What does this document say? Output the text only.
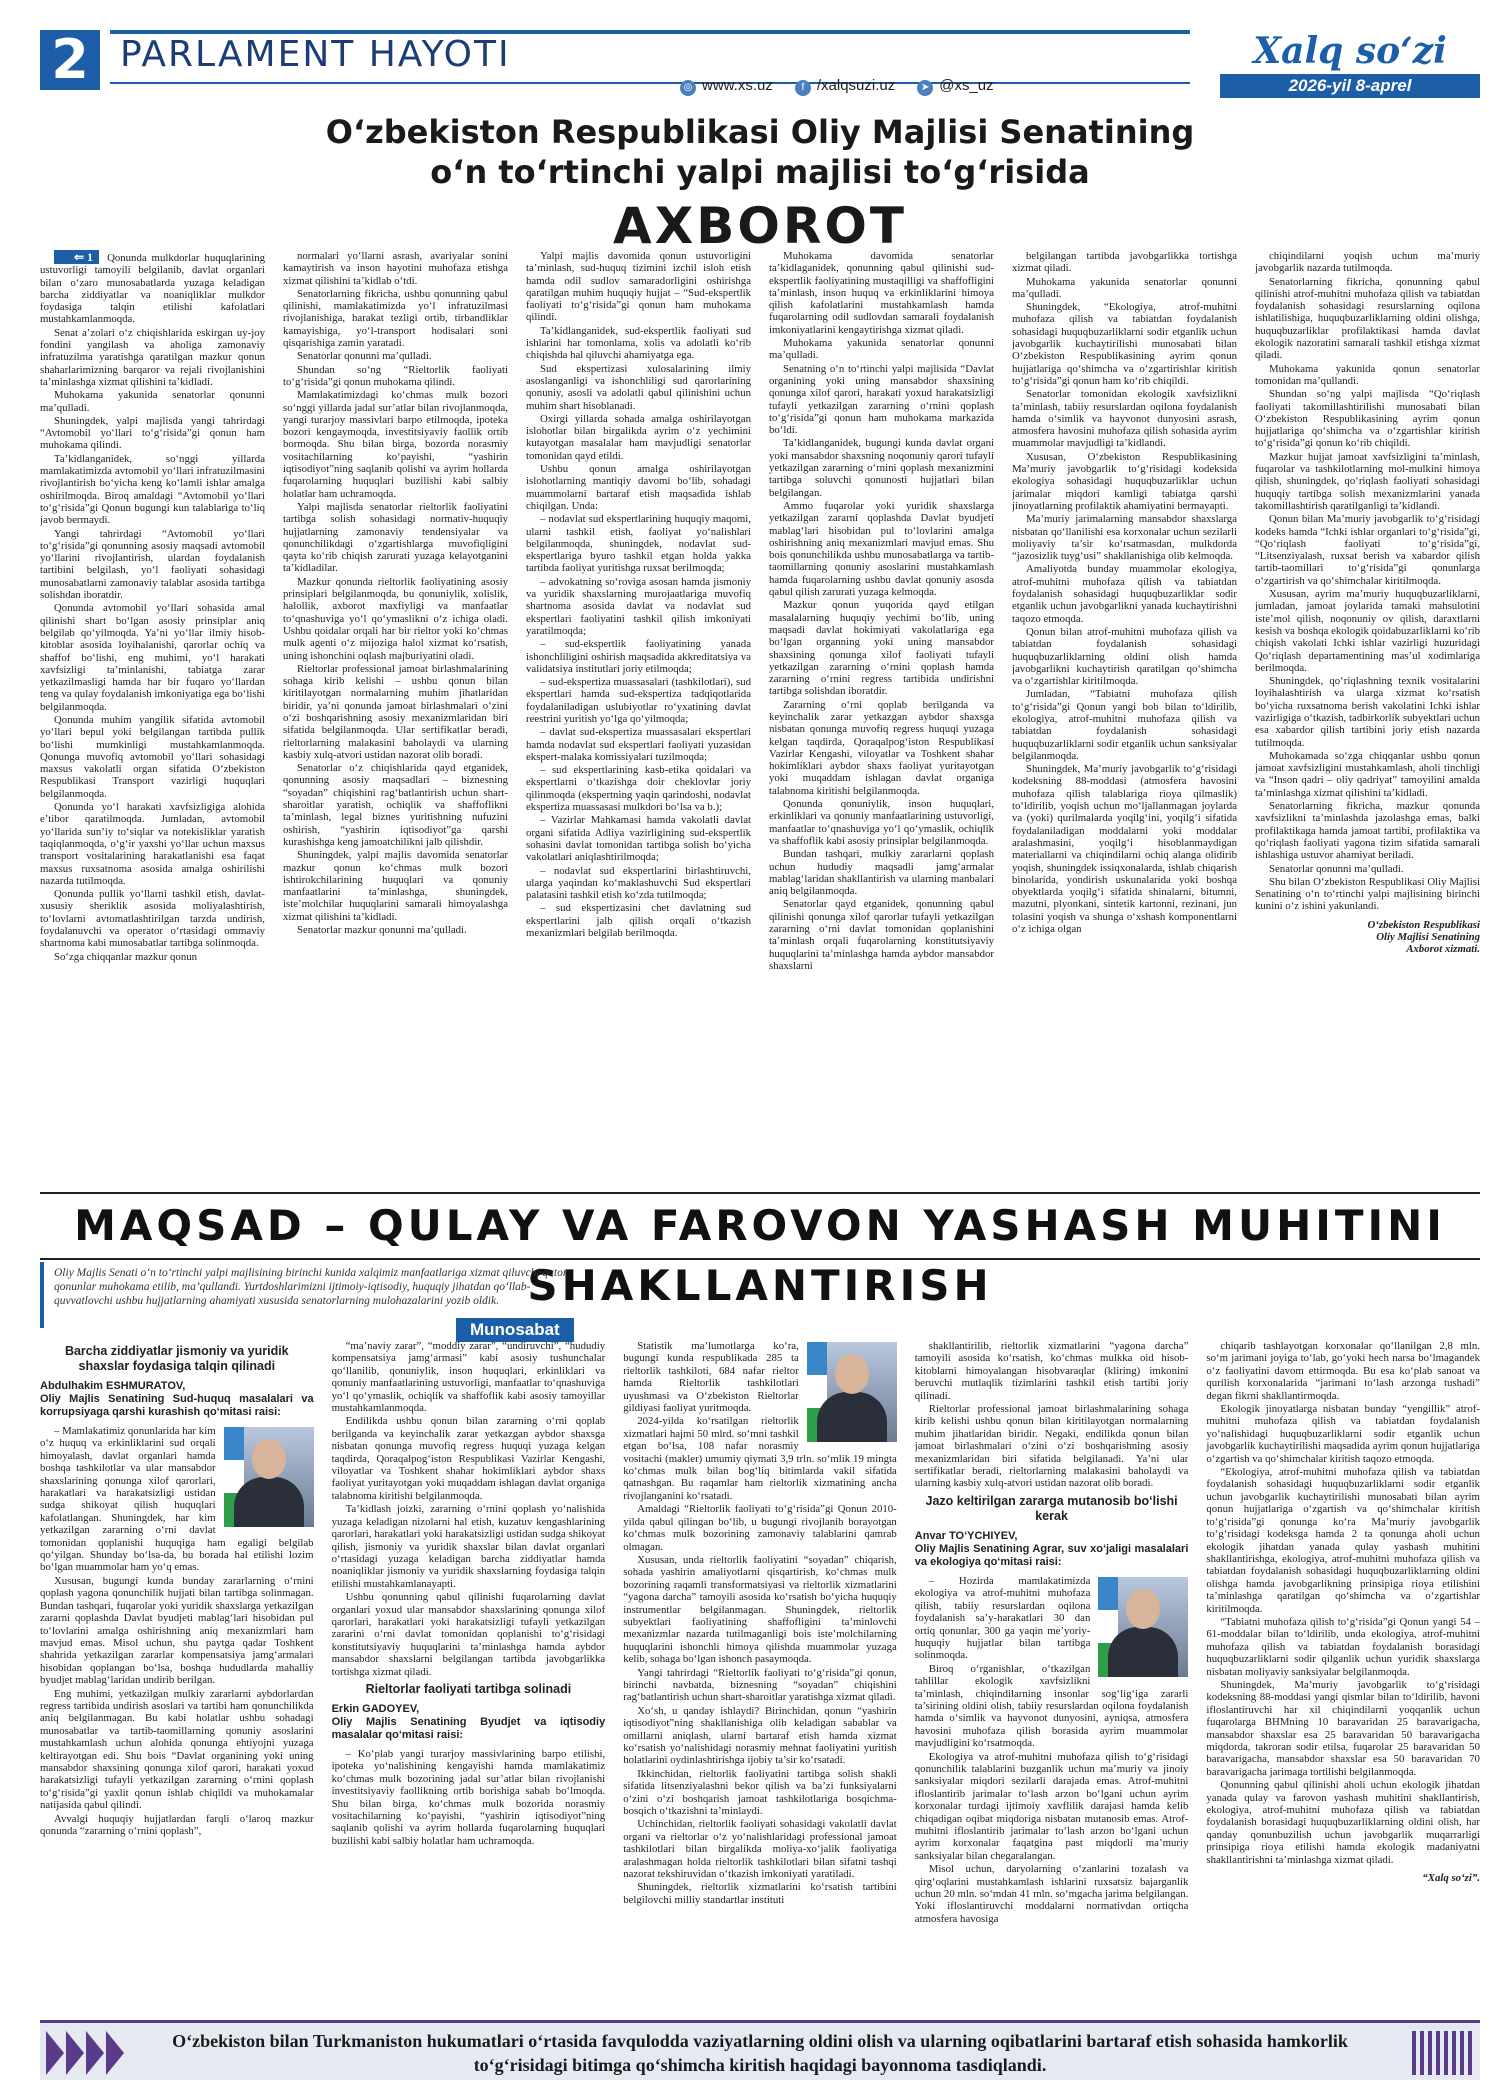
2 PARLAMENT HAYOTI
◎ www.xs.uz	f /xalqsuzi.uz	➤ @xs_uz
Xalq so‘zi
2026-yil 8-aprel
O‘zbekiston Respublikasi Oliy Majlisi Senatining
o‘n to‘rtinchi yalpi majlisi to‘g‘risida
AXBOROT

⇐ 1 Qonunda mulkdorlar huquqlarining ustuvorligi tamoyili belgilanib, davlat organlari bilan o‘zaro munosabatlarda yuzaga keladigan barcha ziddiyatlar va noaniqliklar mulkdor foydasiga talqin etilishi kafolatlari mustahkamlanmoqda.

Senat a’zolari o‘z chiqishlarida eskirgan uy-joy fondini yangilash va aholiga zamonaviy infratuzilma yaratishga qaratilgan mazkur qonun shaharlarimizning barqaror va rejali rivojlanishini ta’minlashga xizmat qilishini ta’kidladi.

Muhokama yakunida senatorlar qonunni ma’qulladi.

Shuningdek, yalpi majlisda yangi tahrirdagi “Avtomobil yo‘llari to‘g‘risida”gi qonun ham muhokama qilindi.

Ta’kidlanganidek, so‘nggi yillarda mamlakatimizda avtomobil yo‘llari infratuzilmasini rivojlantirish bo‘yicha keng ko‘lamli ishlar amalga oshirilmoqda. Biroq amaldagi “Avtomobil yo‘llari to‘g‘risida”gi Qonun bugungi kun talablariga to‘liq javob bermaydi.

Yangi tahrirdagi “Avtomobil yo‘llari to‘g‘risida”gi qonunning asosiy maqsadi avtomobil yo‘llarini rivojlantirish, ulardan foydalanish tartibini belgilash, yo‘l faoliyati sohasidagi munosabatlarni zamonaviy talablar asosida tartibga solishdan iboratdir.

Qonunda avtomobil yo‘llari sohasida amal qilinishi shart bo‘lgan asosiy prinsiplar aniq belgilab qo‘yilmoqda. Ya’ni yo‘llar ilmiy hisob-kitoblar asosida loyihalanishi, qarorlar ochiq va shaffof bo‘lishi, eng muhimi, yo‘l harakati xavfsizligi ta’minlanishi, tabiatga zarar yetkazilmasligi hamda har bir fuqaro yo‘llardan teng va qulay foydalanish imkoniyatiga ega bo‘lishi belgilanmoqda.

Qonunda muhim yangilik sifatida avtomobil yo‘llari bepul yoki belgilangan tartibda pullik bo‘lishi mumkinligi mustahkamlanmoqda. Qonunga muvofiq avtomobil yo‘llari sohasidagi maxsus vakolatli organ sifatida O‘zbekiston Respublikasi Transport vazirligi huquqlari belgilanmoqda.

Qonunda yo‘l harakati xavfsizligiga alohida e’tibor qaratilmoqda. Jumladan, avtomobil yo‘llarida sun’iy to‘siqlar va notekisliklar yaratish taqiqlanmoqda, o‘g‘ir yaxshi yo‘llar uchun maxsus transport vositalarining harakatlanishi esa faqat maxsus ruxsatnoma asosida amalga oshirilishi nazarda tutilmoqda.

Qonunda pullik yo‘llarni tashkil etish, davlat-xususiy sheriklik asosida moliyalashtirish, to‘lovlarni avtomatlashtirilgan tarzda undirish, foydalanuvchi va operator o‘rtasidagi ommaviy shartnoma kabi munosabatlar tartibga solinmoqda.

So‘zga chiqqanlar mazkur qonun

normalari yo‘llarni asrash, avariyalar sonini kamaytirish va inson hayotini muhofaza etishga xizmat qilishini ta’kidlab o‘tdi.

Senatorlarning fikricha, ushbu qonunning qabul qilinishi, mamlakatimizda yo‘l infratuzilmasi rivojlanishiga, harakat tezligi ortib, tirbandliklar kamayishiga, yo‘l-transport hodisalari soni qisqarishiga zamin yaratadi.

Senatorlar qonunni ma’qulladi.

Shundan so‘ng “Rieltorlik faoliyati to‘g‘risida”gi qonun muhokama qilindi.

Mamlakatimizdagi ko‘chmas mulk bozori so‘nggi yillarda jadal sur’atlar bilan rivojlanmoqda, yangi turarjoy massivlari barpo etilmoqda, ipoteka bozori kengaymoqda, investitsiyaviy faollik ortib bormoqda. Shu bilan birga, bozorda norasmiy vositachilarning ko‘payishi, “yashirin iqtisodiyot”ning saqlanib qolishi va ayrim hollarda fuqarolarning huquqlari buzilishi kabi salbiy holatlar ham uchramoqda.

Yalpi majlisda senatorlar rieltorlik faoliyatini tartibga solish sohasidagi normativ-huquqiy hujjatlarning zamonaviy tendensiyalar va qonunchilikdagi o‘zgartishlarga muvofiqligini qayta ko‘rib chiqish zarurati yuzaga kelayotganini ta’kidladilar.

Mazkur qonunda rieltorlik faoliyatining asosiy prinsiplari belgilanmoqda, bu qonuniylik, xolislik, halollik, axborot maxfiyligi va manfaatlar to‘qnashuviga yo‘l qo‘ymaslikni o‘z ichiga oladi. Ushbu qoidalar orqali har bir rieltor yoki ko‘chmas mulk agenti o‘z mijoziga halol xizmat ko‘rsatish, uning ishonchini oqlash majburiyatini oladi.

Rieltorlar professional jamoat birlashmalarining sohaga kirib kelishi – ushbu qonun bilan kiritilayotgan normalarning muhim jihatlaridan biridir, ya’ni qonunda jamoat birlashmalari o‘zini o‘zi boshqarishning asosiy mexanizmlaridan biri sifatida belgilanmoqda. Ular sertifikatlar beradi, rieltorlarning malakasini baholaydi va ularning kasbiy xulq-atvori ustidan nazorat olib boradi.

Senatorlar o‘z chiqishlarida qayd etganidek, qonunning asosiy maqsadlari – biznesning “soyadan” chiqishini rag‘batlantirish uchun shart-sharoitlar yaratish, ochiqlik va shaffoflikni ta’minlash, legal biznes yuritishning nufuzini oshirish, “yashirin iqtisodiyot”ga qarshi kurashishga keng jamoatchilikni jalb qilishdir.

Shuningdek, yalpi majlis davomida senatorlar mazkur qonun ko‘chmas mulk bozori ishtirokchilarining huquqlari va qonuniy manfaatlarini ta’minlashga, shuningdek, iste’molchilar huquqlarini samarali himoyalashga xizmat qilishini ta’kidladi.

Senatorlar mazkur qonunni ma’qulladi.

Yalpi majlis davomida qonun ustuvorligini ta’minlash, sud-huquq tizimini izchil isloh etish hamda odil sudlov samaradorligini oshirishga qaratilgan muhim huquqiy hujjat – “Sud-ekspertlik faoliyati to‘g‘risida”gi qonun ham muhokama qilindi.

Ta’kidlanganidek, sud-ekspertlik faoliyati sud ishlarini har tomonlama, xolis va adolatli ko‘rib chiqishda hal qiluvchi ahamiyatga ega.

Sud ekspertizasi xulosalarining ilmiy asoslanganligi va ishonchliligi sud qarorlarining qonuniy, asosli va adolatli qabul qilinishini uchun muhim shart hisoblanadi.

Oxirgi yillarda sohada amalga oshirilayotgan islohotlar bilan birgalikda ayrim o‘z yechimini kutayotgan masalalar ham mavjudligi senatorlar tomonidan qayd etildi.

Ushbu qonun amalga oshirilayotgan islohotlarning mantiqiy davomi bo‘lib, sohadagi muammolarni bartaraf etish maqsadida ishlab chiqilgan. Unda:

– nodavlat sud ekspertlarining huquqiy maqomi, ularni tashkil etish, faoliyat yo‘nalishlari belgilanmoqda, shuningdek, nodavlat sud-ekspertlariga byuro tashkil etgan holda yakka tartibda faoliyat yuritishga ruxsat berilmoqda;

– advokatning so‘roviga asosan hamda jismoniy va yuridik shaxslarning murojaatlariga muvofiq shartnoma asosida davlat va nodavlat sud ekspertlari faoliyatini tashkil qilish imkoniyati yaratilmoqda;

– sud-ekspertlik faoliyatining yanada ishonchliligini oshirish maqsadida akkreditatsiya va validatsiya institutlari joriy etilmoqda;

– sud-ekspertiza muassasalari (tashkilotlari), sud ekspertlari hamda sud-ekspertiza tadqiqotlarida foydalaniladigan uslubiyotlar ro‘yxatining davlat reestrini yuritish yo‘lga qo‘yilmoqda;

– davlat sud-ekspertiza muassasalari ekspertlari hamda nodavlat sud ekspertlari faoliyati yuzasidan ekspert-malaka komissiyalari tuzilmoqda;

– sud ekspertlarining kasb-etika qoidalari va ekspertlarni o‘tkazishga doir cheklovlar joriy qilinmoqda (ekspertning yaqin qarindoshi, nodavlat ekspertiza muassasasi mulkdori bo‘lsa va b.);

– Vazirlar Mahkamasi hamda vakolatli davlat organi sifatida Adliya vazirligining sud-ekspertlik sohasini davlat tomonidan tartibga solish bo‘yicha vakolatlari aniqlashtirilmoqda;

– nodavlat sud ekspertlarini birlashtiruvchi, ularga yaqindan ko‘maklashuvchi Sud ekspertlari palatasini tashkil etish ko‘zda tutilmoqda;

– sud ekspertizasini chet davlatning sud ekspertlarini jalb qilish orqali o‘tkazish mexanizmlari belgilab berilmoqda.

Muhokama davomida senatorlar ta’kidlaganidek, qonunning qabul qilinishi sud-ekspertlik faoliyatining mustaqilligi va shaffofligini ta’minlash, inson huquq va erkinliklarini himoya qilish kafolatlarini mustahkamlash hamda fuqarolarning odil sudlovdan samarali foydalanish imkoniyatlarini kengaytirishga xizmat qiladi.

Muhokama yakunida senatorlar qonunni ma’qulladi.

Senatning o‘n to‘rtinchi yalpi majlisida “Davlat organining yoki uning mansabdor shaxsining qonunga xilof qarori, harakati yoxud harakatsizligi tufayli yetkazilgan zararning o‘rnini qoplash to‘g‘risida”gi qonun ham muhokama markazida bo‘ldi.

Ta’kidlanganidek, bugungi kunda davlat organi yoki mansabdor shaxsning noqonuniy qarori tufayli yetkazilgan zararning o‘rnini qoplash mexanizmini tartibga soluvchi qonunosti hujjatlari bilan belgilangan.

Ammo fuqarolar yoki yuridik shaxslarga yetkazilgan zararni qoplashda Davlat byudjeti mablag‘lari hisobidan pul to‘lovlarini amalga oshirishning aniq mexanizmlari mavjud emas. Shu bois qonunchilikda ushbu munosabatlarga va tartib-taomillarning qonuniy asoslarini mustahkamlash hamda fuqarolarning ushbu davlat qonuniy asosda qabul qilish zarurati yuzaga kelmoqda.

Mazkur qonun yuqorida qayd etilgan masalalarning huquqiy yechimi bo‘lib, uning maqsadi davlat hokimiyati vakolatlariga ega bo‘lgan organning yoki uning mansabdor shaxsining qonunga xilof faoliyati tufayli yetkazilgan zararning o‘rnini qoplash hamda zararning o‘rnini regress tartibida undirishni tartibga solishdan iboratdir.

Zararning o‘rni qoplab berilganda va keyinchalik zarar yetkazgan aybdor shaxsga nisbatan qonunga muvofiq regress huquqi yuzaga kelgan taqdirda, Qoraqalpog‘iston Respublikasi Vazirlar Kengashi, viloyatlar va Toshkent shahar hokimliklari aybdor shaxs faoliyat yuritayotgan yoki muqaddam ishlagan davlat organiga talabnoma kiritishi belgilanmoqda.

Qonunda qonuniylik, inson huquqlari, erkinliklari va qonuniy manfaatlarining ustuvorligi, manfaatlar to‘qnashuviga yo‘l qo‘ymaslik, ochiqlik va shaffoflik kabi asosiy prinsiplar belgilanmoqda.

Bundan tashqari, mulkiy zararlarni qoplash uchun hududiy maqsadli jamg‘armalar mablag‘laridan shakllantirish va ularning manbalari aniq belgilanmoqda.

Senatorlar qayd etganidek, qonunning qabul qilinishi qonunga xilof qarorlar tufayli yetkazilgan zararning o‘rni davlat tomonidan qoplanishini ta’minlash orqali fuqarolarning konstitutsiyaviy huquqlarini ta’minlashga hamda aybdor mansabdor shaxslarni

belgilangan tartibda javobgarlikka tortishga xizmat qiladi.

Muhokama yakunida senatorlar qonunni ma’qulladi.

Shuningdek, “Ekologiya, atrof-muhitni muhofaza qilish va tabiatdan foydalanish sohasidagi huquqbuzarliklarni sodir etganlik uchun javobgarlik kuchaytirilishi munosabati bilan O‘zbekiston Respublikasining ayrim qonun hujjatlariga qo‘shimcha va o‘zgartirishlar kiritish to‘g‘risida”gi qonun ham ko‘rib chiqildi.

Senatorlar tomonidan ekologik xavfsizlikni ta’minlash, tabiiy resurslardan oqilona foydalanish hamda o‘simlik va hayvonot dunyosini asrash, atmosfera havosini muhofaza qilish sohasida ayrim muammolar mavjudligi ta’kidlandi.

Xususan, O‘zbekiston Respublikasining Ma’muriy javobgarlik to‘g‘risidagi kodeksida ekologiya sohasidagi huquqbuzarliklar uchun jarimalar miqdori kamligi tabiatga qarshi jinoyatlarning profilaktik ahamiyatini bermayapti.

Ma’muriy jarimalarning mansabdor shaxslarga nisbatan qo‘llanilishi esa korxonalar uchun sezilarli moliyaviy ta’sir ko‘rsatmasdan, mulkdorda “jazosizlik tuyg‘usi” shakllanishiga olib kelmoqda.

Amaliyotda bunday muammolar ekologiya, atrof-muhitni muhofaza qilish va tabiatdan foydalanish sohasidagi huquqbuzarliklar sodir etganlik uchun javobgarlikni yanada kuchaytirishni taqozo etmoqda.

Qonun bilan atrof-muhitni muhofaza qilish va tabiatdan foydalanish sohasidagi huquqbuzarliklarning oldini olish hamda javobgarlikni kuchaytirish qaratilgan qo‘shimcha va o‘zgartishlar kiritilmoqda.

Jumladan, “Tabiatni muhofaza qilish to‘g‘risida”gi Qonun yangi bob bilan to‘ldirilib, ekologiya, atrof-muhitni muhofaza qilish va tabiatdan foydalanish sohasidagi huquqbuzarliklarni sodir etganlik uchun sanksiyalar belgilanmoqda.

Shuningdek, Ma’muriy javobgarlik to‘g‘risidagi kodeksning 88-moddasi (atmosfera havosini muhofaza qilish talablariga rioya qilmaslik) to‘ldirilib, yoqish uchun mo‘ljallanmagan joylarda va (yoki) qurilmalarda yoqilg‘ini, yoqilg‘i sifatida foydalaniladigan moddalarni yoki moddalar aralashmasini, yoqilg‘i hisoblanmaydigan materiallarni va chiqindilarni ochiq alanga olidirib yoqish, shuningdek issiqxonalarda, ishlab chiqarish binolarida, yondirish uskunalarida yoki boshqa obyektlarda yoqilg‘i sifatida shinalarni, bitumni, mazutni, plyonkani, sintetik kartonni, rezinani, jun tolasini yoqish va shunga o‘xshash komponentlarni o‘z ichiga olgan

chiqindilarni yoqish uchun ma’muriy javobgarlik nazarda tutilmoqda.

Senatorlarning fikricha, qonunning qabul qilinishi atrof-muhitni muhofaza qilish va tabiatdan foydalanish sohasidagi resurslarning oqilona ishlatilishiga, huquqbuzarliklarning oldini olishga, huquqbuzarliklar profilaktikasi hamda davlat ekologik nazoratini samarali tashkil etishga xizmat qiladi.

Muhokama yakunida qonun senatorlar tomonidan ma’qullandi.

Shundan so‘ng yalpi majlisda “Qo‘riqlash faoliyati takomillashtirilishi munosabati bilan O‘zbekiston Respublikasining ayrim qonun hujjatlariga qo‘shimcha va o‘zgartishlar kiritish to‘g‘risida”gi qonun ko‘rib chiqildi.

Mazkur hujjat jamoat xavfsizligini ta’minlash, fuqarolar va tashkilotlarning mol-mulkini himoya qilish, shuningdek, qo‘riqlash faoliyati sohasidagi huquqiy tartibga solish mexanizmlarini yanada takomillashtirish qaratilganligi ta’kidlandi.

Qonun bilan Ma’muriy javobgarlik to‘g‘risidagi kodeks hamda “Ichki ishlar organlari to‘g‘risida”gi, “Qo‘riqlash faoliyati to‘g‘risida”gi, “Litsenziyalash, ruxsat berish va xabardor qilish tartib-taomillari to‘g‘risida”gi qonunlarga o‘zgartirish va qo‘shimchalar kiritilmoqda.

Xususan, ayrim ma’muriy huquqbuzarliklarni, jumladan, jamoat joylarida tamaki mahsulotini iste’mol qilish, noqonuniy ov qilish, daraxtlarni kesish va boshqa ekologik qoidabuzarliklarni ko‘rib chiqish vakolati Ichki ishlar vazirligi huzuridagi Qo‘riqlash departamentining mas’ul xodimlariga berilmoqda.

Shuningdek, qo‘riqlashning texnik vositalarini loyihalashtirish va ularga xizmat ko‘rsatish bo‘yicha ruxsatnoma berish vakolatini Ichki ishlar vazirligiga o‘tkazish, tadbirkorlik subyektlari uchun esa xabardor qilish tartibini joriy etish nazarda tutilmoqda.

Muhokamada so‘zga chiqqanlar ushbu qonun jamoat xavfsizligini mustahkamlash, aholi tinchligi va “Inson qadri – oliy qadriyat” tamoyilini amalda ta’minlashga xizmat qilishini ta’kidladi.

Senatorlarning fikricha, mazkur qonunda xavfsizlikni ta’minlashda jazolashga emas, balki profilaktikaga hamda jamoat tartibi, profilaktika va qo‘riqlash faoliyati yagona tizim sifatida samarali ishlashiga ustuvor ahamiyat beriladi.

Senatorlar qonunni ma’qulladi.

Shu bilan O‘zbekiston Respublikasi Oliy Majlisi Senatining o‘n to‘rtinchi yalpi majlisining birinchi kunini o‘z ishini yakunlandi.

O‘zbekiston Respublikasi
Oliy Majlisi Senatining
Axborot xizmati.
MAQSAD – QULAY VA FAROVON YASHASH MUHITINI SHAKLLANTIRISH
Oliy Majlis Senati o‘n to‘rtinchi yalpi majlisining birinchi kunida xalqimiz manfaatlariga xizmat qiluvchi qator qonunlar muhokama etilib, ma’qullandi. Yurtdoshlarimizni ijtimoiy-iqtisodiy, huquqiy jihatdan qo‘llab-quvvatlovchi ushbu hujjatlarning ahamiyati xususida senatorlarning mulohazalarini yozib oldik.
Munosabat
Barcha ziddiyatlar jismoniy va yuridik shaxslar foydasiga talqin qilinadi
Abdulhakim ESHMURATOV,
Oliy Majlis Senatining Sud-huquq masalalari va korrupsiyaga qarshi kurashish qo‘mitasi raisi:

– Mamlakatimiz qonunlarida har kim o‘z huquq va erkinliklarini sud orqali himoyalash, davlat organlari hamda boshqa tashkilotlar va ular mansabdor shaxslarining qonunga xilof qarorlari, harakatlari va harakatsizligi ustidan sudga shikoyat qilish huquqlari kafolatlangan. Shuningdek, har kim yetkazilgan zararning o‘rni davlat tomonidan qoplanishi huquqiga ham egaligi belgilab qo‘yilgan. Shunday bo‘lsa-da, bu borada hal etilishi lozim bo‘lgan muammolar ham yo‘q emas.

Xususan, bugungi kunda bunday zararlarning o‘rnini qoplash yagona qonunchilik hujjati bilan tartibga solinmagan. Bundan tashqari, fuqarolar yoki yuridik shaxslarga yetkazilgan zararni qoplashda Davlat byudjeti mablag‘lari hisobidan pul to‘lovlarini amalga oshirishning aniq mexanizmlari ham mavjud emas. Misol uchun, shu paytga qadar Toshkent shahrida yetkazilgan zararlar kompensatsiya jamg‘armalari hisobidan qoplangan bo‘lsa, boshqa hududlarda mahalliy byudjet mablag‘laridan undirib berilgan.

Eng muhimi, yetkazilgan mulkiy zararlarni aybdorlardan regress tartibida undirish asoslari va tartibi ham qonunchilikda aniq belgilanmagan. Bu kabi holatlar ushbu sohadagi munosabatlar va tartib-taomillarning qonuniy asoslarini mustahkamlash uchun alohida qonunga ehtiyojni yuzaga keltirayotgan edi. Shu bois “Davlat organining yoki uning mansabdor shaxsining qonunga xilof qarori, harakati yoxud harakatsizligi tufayli yetkazilgan zararning o‘rnini qoplash to‘g‘risida”gi yaxlit qonun ishlab chiqildi va muhokamalar natijasida qabul qilindi.

Avvalgi huquqiy hujjatlardan farqli o‘laroq mazkur qonunda “zararning o‘rnini qoplash”,

“ma’naviy zarar”, “moddiy zarar”, “undiruvchi”, “hududiy kompensatsiya jamg‘armasi” kabi asosiy tushunchalar qo‘llanilib, qonuniylik, inson huquqlari, erkinliklari va qonuniy manfaatlarining ustuvorligi, manfaatlar to‘qnashuviga yo‘l qo‘ymaslik, ochiqlik va shaffoflik kabi asosiy tamoyillar mustahkamlanmoqda.

Endilikda ushbu qonun bilan zararning o‘rni qoplab berilganda va keyinchalik zarar yetkazgan aybdor shaxsga nisbatan qonunga muvofiq regress huquqi yuzaga kelgan taqdirda, Qoraqalpog‘iston Respublikasi Vazirlar Kengashi, viloyatlar va Toshkent shahar hokimliklari aybdor shaxs faoliyat yuritayotgan yoki muqaddam ishlagan davlat organiga talabnoma kiritishi belgilanmoqda.

Ta’kidlash joizki, zararning o‘rnini qoplash yo‘nalishida yuzaga keladigan nizolarni hal etish, kuzatuv kengashlarining qarorlari, harakatlari yoki harakatsizligi ustidan sudga shikoyat qilish, jismoniy va yuridik shaxslar bilan davlat organlari o‘rtasidagi yuzaga keladigan barcha ziddiyatlar hamda noaniqliklar jismoniy va yuridik shaxslarning foydasiga talqin etilishi mustahkamlanayapti.

Ushbu qonunning qabul qilinishi fuqarolarning davlat organlari yoxud ular mansabdor shaxslarining qonunga xilof qarorlari, harakatlari yoki harakatsizligi tufayli yetkazilgan zararini o‘rni davlat tomonidan qoplanishi to‘g‘risidagi konstitutsiyaviy huquqlarini ta’minlashga hamda aybdor mansabdor shaxslarni belgilangan tartibda javobgarlikka tortishga xizmat qiladi.

Rieltorlar faoliyati tartibga solinadi
Erkin GADOYEV,
Oliy Majlis Senatining Byudjet va iqtisodiy masalalar qo‘mitasi raisi:

– Ko‘plab yangi turarjoy massivlarining barpo etilishi, ipoteka yo‘nalishining kengayishi hamda mamlakatimiz ko‘chmas mulk bozorining jadal sur’atlar bilan rivojlanishi investitsiyaviy faollikning ortib borishiga sabab bo‘lmoqda. Shu bilan birga, ko‘chmas mulk bozorida norasmiy vositachilarning ko‘payishi, “yashirin iqtisodiyot”ning saqlanib qolishi va ayrim hollarda fuqarolarning huquqlari buzilishi kabi salbiy holatlar ham uchramoqda.

Statistik ma’lumotlarga ko‘ra, bugungi kunda respublikada 285 ta rieltorlik tashkiloti, 684 nafar rieltor hamda Rieltorlik tashkilotlari uyushmasi va O‘zbekiston Rieltorlar gildiyasi faoliyat yuritmoqda.

2024-yilda ko‘rsatilgan rieltorlik xizmatlari hajmi 50 mlrd. so‘mni tashkil etgan bo‘lsa, 108 nafar norasmiy vositachi (makler) umumiy qiymati 3,9 trln. so‘mlik 19 mingta ko‘chmas mulk bilan bog‘liq bitimlarda vakil sifatida qatnashgan. Bu raqamlar ham rieltorlik xizmatining ancha rivojlanganini ko‘rsatadi.

Amaldagi “Rieltorlik faoliyati to‘g‘risida”gi Qonun 2010-yilda qabul qilingan bo‘lib, u bugungi rivojlanib borayotgan ko‘chmas mulk bozorining zamonaviy talablarini qamrab olmagan.

Xususan, unda rieltorlik faoliyatini “soyadan” chiqarish, sohada yashirin amaliyotlarni qisqartirish, ko‘chmas mulk bozorining raqamli transformatsiyasi va rieltorlik xizmatlarini “yagona darcha” tamoyili asosida ko‘rsatish bo‘yicha huquqiy instrumentlar belgilanmagan. Shuningdek, rieltorlik subyektlari faoliyatining shaffofligini ta’minlovchi mexanizmlar nazarda tutilmaganligi bois iste’molchilarning huquqlarini ishonchli himoya qilishda muammolar yuzaga kelib, sohaga bo‘lgan ishonch pasaymoqda.

Yangi tahrirdagi “Rieltorlik faoliyati to‘g‘risida”gi qonun, birinchi navbatda, biznesning “soyadan” chiqishini rag‘batlantirish uchun shart-sharoitlar yaratishga xizmat qiladi.

Xo‘sh, u qanday ishlaydi? Birinchidan, qonun “yashirin iqtisodiyot”ning shakllanishiga olib keladigan sabablar va omillarni aniqlash, ularni bartaraf etish hamda xizmat ko‘rsatish yo‘nalishidagi norasmiy mehnat faoliyatini yuritish holatlarini oydinlashtirishga ijobiy ta’sir ko‘rsatadi.

Ikkinchidan, rieltorlik faoliyatini tartibga solish shakli sifatida litsenziyalashni bekor qilish va ba’zi funksiyalarni o‘zini o‘zi boshqarish jamoat tashkilotlariga bosqichma-bosqich o‘tkazishni ta’minlaydi.

Uchinchidan, rieltorlik faoliyati sohasidagi vakolatli davlat organi va rieltorlar o‘z yo‘nalishlaridagi professional jamoat tashkilotlari bilan birgalikda moliya-xo‘jalik faoliyatiga aralashmagan holda rieltorlik tashkilotlari bilan sifatni tashqi nazorat tekshiruvidan o‘tkazish imkoniyati yaratiladi.

Shuningdek, rieltorlik xizmatlarini ko‘rsatish tartibini belgilovchi milliy standartlar instituti

shakllantirilib, rieltorlik xizmatlarini “yagona darcha” tamoyili asosida ko‘rsatish, ko‘chmas mulkka oid hisob-kitoblarni himoyalangan hisobvaraqlar (kliring) imkonini beruvchi mutlaqlik tizimlarini tashkil etish tartibi joriy qilinadi.

Rieltorlar professional jamoat birlashmalarining sohaga kirib kelishi ushbu qonun bilan kiritilayotgan normalarning muhim jihatlaridan biridir. Negaki, endilikda qonun bilan jamoat birlashmalari o‘zini o‘zi boshqarishning asosiy mexanizmlaridan biri sifatida belgilanadi. Ya’ni ular sertifikatlar beradi, rieltorlarning malakasini baholaydi va ularning kasbiy xulq-atvori ustidan nazorat olib boradi.

Jazo keltirilgan zararga mutanosib bo‘lishi kerak
Anvar TO‘YCHIYEV,
Oliy Majlis Senatining Agrar, suv xo‘jaligi masalalari va ekologiya qo‘mitasi raisi:

– Hozirda mamlakatimizda ekologiya va atrof-muhitni muhofaza qilish, tabiiy resurslardan oqilona foydalanish sa’y-harakatlari 30 dan ortiq qonunlar, 300 ga yaqin me’yoriy-huquqiy hujjatlar bilan tartibga solinmoqda.

Biroq o‘rganishlar, o‘tkazilgan tahlillar ekologik xavfsizlikni ta’minlash, chiqindilarning insonlar sog‘lig‘iga zararli ta’sirining oldini olish, tabiiy resurslardan oqilona foydalanish hamda o‘simlik va hayvonot dunyosini, ayniqsa, atmosfera havosini muhofaza qilish borasida ayrim muammolar mavjudligini ko‘rsatmoqda.

Ekologiya va atrof-muhitni muhofaza qilish to‘g‘risidagi qonunchilik talablarini buzganlik uchun ma’muriy va jinoiy sanksiyalar miqdori sezilarli darajada emas. Atrof-muhitni ifloslantirib jarimalar to‘lash arzon bo‘lgani uchun ayrim korxonalar turdagi ijtimoiy xavflilik darajasi hamda kelib chiqadigan oqibat miqdoriga nisbatan mutanosib emas. Atrof-muhitni ifloslantirib jarimalar to‘lash arzon bo‘lgani uchun ayrim korxonalar faqatgina past miqdorli ma’muriy sanksiyalar bilan chegaralangan.

Misol uchun, daryolarning o‘zanlarini tozalash va qirg‘oqlarini mustahkamlash ishlarini ruxsatsiz bajarganlik uchun 20 mln. so‘mdan 41 mln. so‘mgacha jarima belgilangan. Yoki ifloslantiruvchi moddalarni normativdan ortiqcha atmosfera havosiga

chiqarib tashlayotgan korxonalar qo‘llanilgan 2,8 mln. so‘m jarimani joyiga to‘lab, go‘yoki hech narsa bo‘lmagandek o‘z faoliyatini davom ettirmoqda. Bu esa ko‘plab sanoat va qurilish korxonalarida “jarimani to‘lash arzonga tushadi” degan fikrni shakllantirmoqda.

Ekologik jinoyatlarga nisbatan bunday “yengillik” atrof-muhitni muhofaza qilish va tabiatdan foydalanish yo‘nalishidagi huquqbuzarliklarni sodir etganlik uchun javobgarlik kuchaytirilishi maqsadida ayrim qonun hujjatlariga o‘zgartish va qo‘shimchalar kiritish taqozo etmoqda.

“Ekologiya, atrof-muhitni muhofaza qilish va tabiatdan foydalanish sohasidagi huquqbuzarliklarni sodir etganlik uchun javobgarlik kuchaytirilishi munosabati bilan ayrim qonun hujjatlariga o‘zgartish va qo‘shimchalar kiritish to‘g‘risida”gi qonunga ko‘ra Ma’muriy javobgarlik to‘g‘risidagi kodeksga hamda 2 ta qonunga aholi uchun ekologik jihatdan yanada qulay yashash muhitini shakllantirishga, ekologiya, atrof-muhitni muhofaza qilish va tabiatdan foydalanish sohasidagi huquqbuzarliklarning oldini olishga hamda javobgarlikning prinsipiga rioya etilishini ta’minlashga qaratilgan qo‘shimcha va o‘zgartishlar kiritilmoqda.

“Tabiatni muhofaza qilish to‘g‘risida”gi Qonun yangi 54 – 61-moddalar bilan to‘ldirilib, unda ekologiya, atrof-muhitni muhofaza qilish va tabiatdan foydalanish borasidagi huquqbuzarliklarni sodir qilganlik uchun yuridik shaxslarga nisbatan moliyaviy sanksiyalar belgilanmoqda.

Shuningdek, Ma’muriy javobgarlik to‘g‘risidagi kodeksning 88-moddasi yangi qismlar bilan to‘ldirilib, havoni ifloslantiruvchi har xil chiqindilarni yoqqanlik uchun fuqarolarga BHMning 10 baravaridan 25 baravarigacha, mansabdor shaxslar esa 25 baravaridan 50 baravarigacha miqdorda, takroran sodir etilsa, fuqarolar 25 baravaridan 50 baravarigacha, mansabdor shaxslar esa 50 baravaridan 70 baravarigacha jarimaga tortilishi belgilanmoqda.

Qonunning qabul qilinishi aholi uchun ekologik jihatdan yanada qulay va farovon yashash muhitini shakllantirish, ekologiya, atrof-muhitni muhofaza qilish va tabiatdan foydalanish borasidagi huquqbuzarliklarning oldini olish, har qanday qonunbuzilish uchun javobgarlik muqarrarligi prinsipiga rioya etilishi hamda ekologik madaniyatni shakllantirishni ta’minlashga xizmat qiladi.

“Xalq so‘zi”.
O‘zbekiston bilan Turkmaniston hukumatlari o‘rtasida favqulodda vaziyatlarning oldini olish va ularning oqibatlarini bartaraf etish sohasida hamkorlik to‘g‘risidagi bitimga qo‘shimcha kiritish haqidagi bayonnoma tasdiqlandi.
